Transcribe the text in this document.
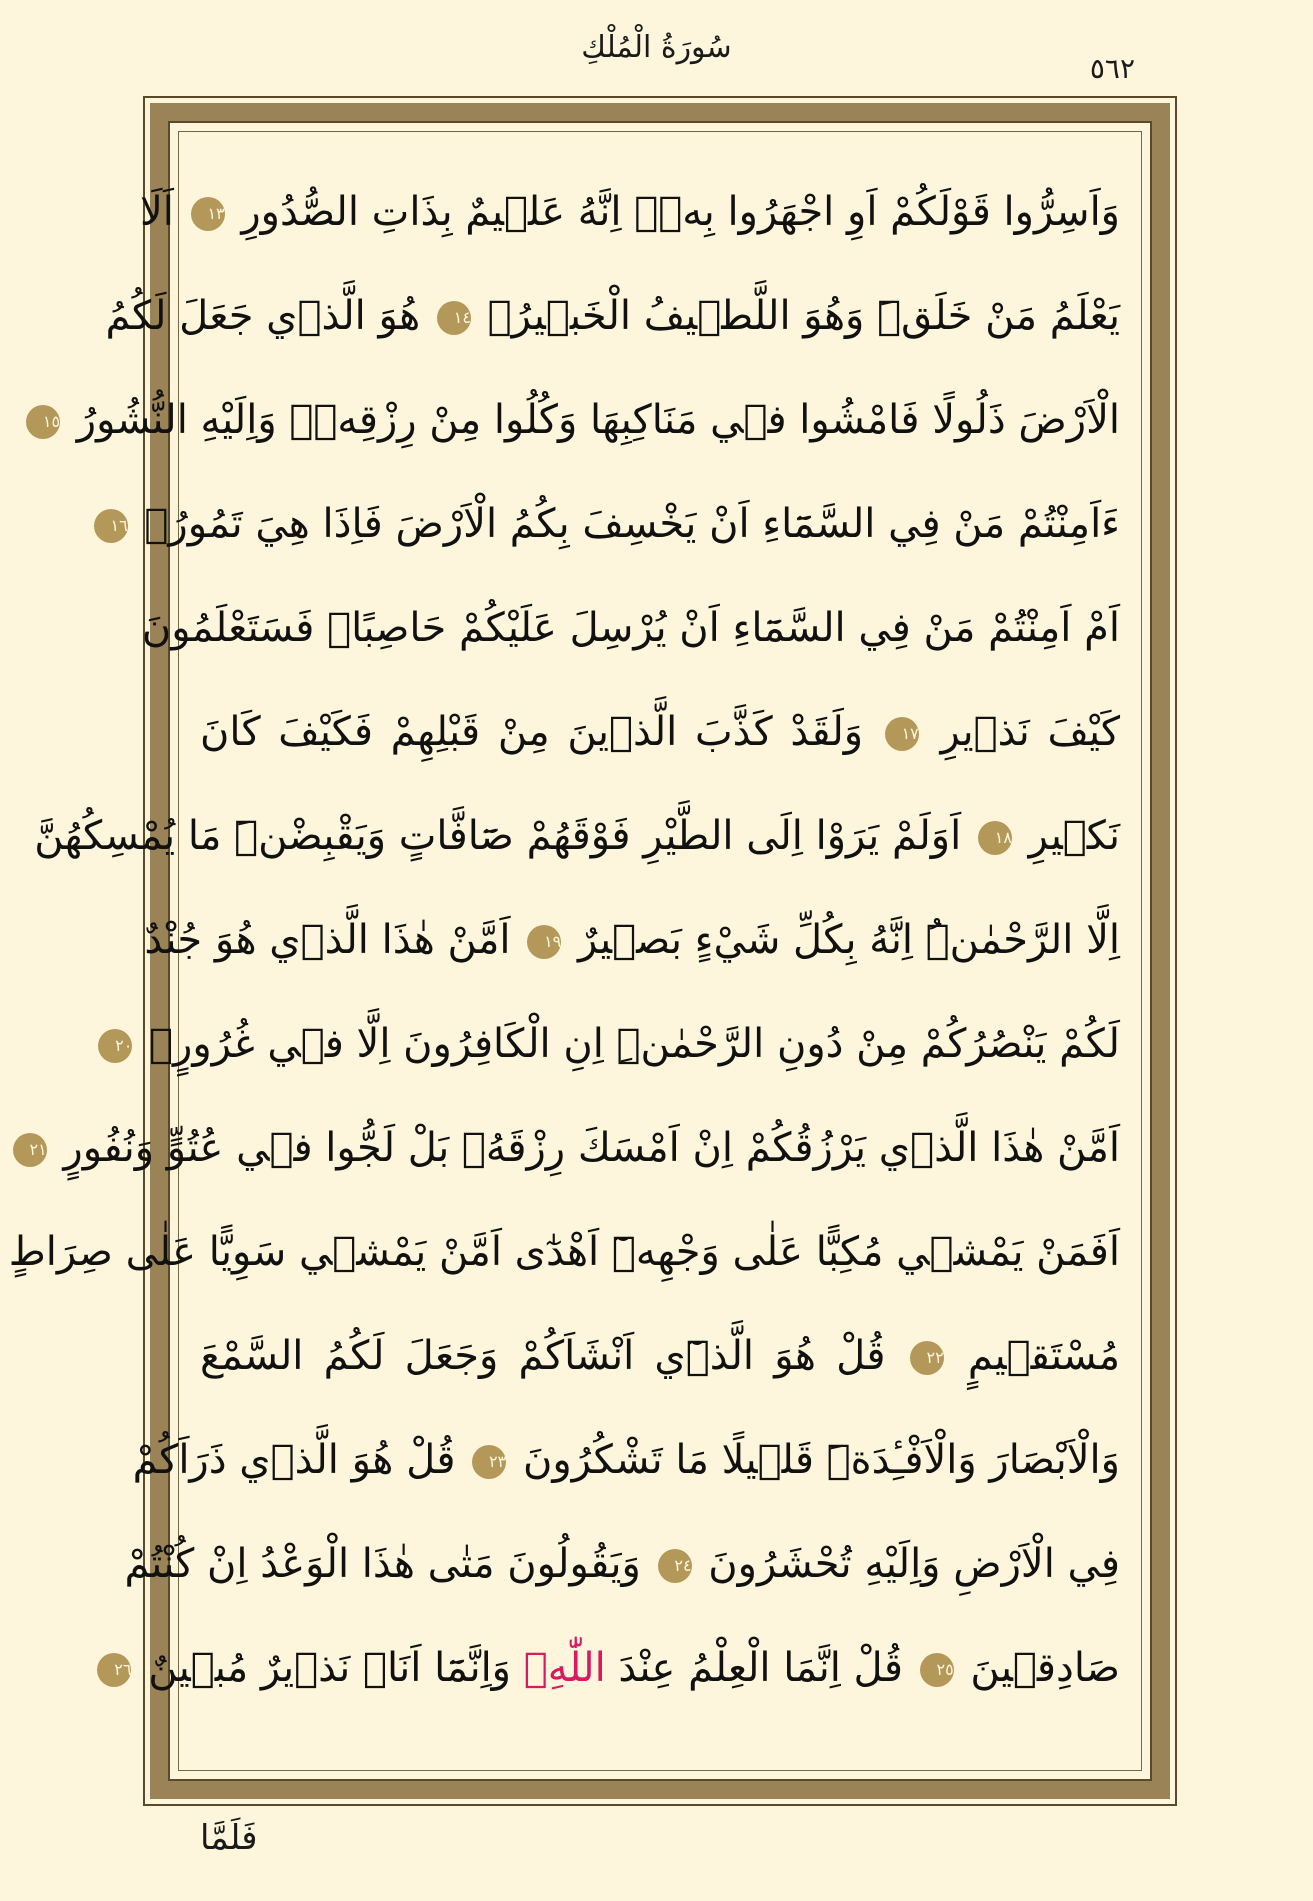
سُورَةُ الْمُلْكِ
٥٦٢
وَاَسِرُّوا قَوْلَكُمْ اَوِ اجْهَرُوا بِه۪ۜ اِنَّهُ عَل۪يمٌ بِذَاتِ الصُّدُورِ ١٣ اَلَا
يَعْلَمُ مَنْ خَلَقَۜ وَهُوَ اللَّط۪يفُ الْخَب۪يرُ۟ ١٤ هُوَ الَّذ۪ي جَعَلَ لَكُمُ
الْاَرْضَ ذَلُولًا فَامْشُوا ف۪ي مَنَاكِبِهَا وَكُلُوا مِنْ رِزْقِه۪ۜ وَاِلَيْهِ النُّشُورُ ١٥
ءَاَمِنْتُمْ مَنْ فِي السَّمَٓاءِ اَنْ يَخْسِفَ بِكُمُ الْاَرْضَ فَاِذَا هِيَ تَمُورُۙ ١٦
اَمْ اَمِنْتُمْ مَنْ فِي السَّمَٓاءِ اَنْ يُرْسِلَ عَلَيْكُمْ حَاصِبًاۜ فَسَتَعْلَمُونَ
كَيْفَ نَذ۪يرِ ١٧ وَلَقَدْ كَذَّبَ الَّذ۪ينَ مِنْ قَبْلِهِمْ فَكَيْفَ كَانَ
نَك۪يرِ ١٨ اَوَلَمْ يَرَوْا اِلَى الطَّيْرِ فَوْقَهُمْ صَٓافَّاتٍ وَيَقْبِضْنَۜ مَا يُمْسِكُهُنَّ
اِلَّا الرَّحْمٰنُۜ اِنَّهُ بِكُلِّ شَيْءٍ بَص۪يرٌ ١٩ اَمَّنْ هٰذَا الَّذ۪ي هُوَ جُنْدٌ
لَكُمْ يَنْصُرُكُمْ مِنْ دُونِ الرَّحْمٰنِۜ اِنِ الْكَافِرُونَ اِلَّا ف۪ي غُرُورٍۚ ٢٠
اَمَّنْ هٰذَا الَّذ۪ي يَرْزُقُكُمْ اِنْ اَمْسَكَ رِزْقَهُۚ بَلْ لَجُّوا ف۪ي عُتُوٍّ وَنُفُورٍ ٢١
اَفَمَنْ يَمْش۪ي مُكِبًّا عَلٰى وَجْهِه۪ٓ اَهْدٰٓى اَمَّنْ يَمْش۪ي سَوِيًّا عَلٰى صِرَاطٍ
مُسْتَق۪يمٍ ٢٢ قُلْ هُوَ الَّذ۪ٓي اَنْشَاَكُمْ وَجَعَلَ لَكُمُ السَّمْعَ
وَالْاَبْصَارَ وَالْاَفْـِٔدَةَۜ قَل۪يلًا مَا تَشْكُرُونَ ٢٣ قُلْ هُوَ الَّذ۪ي ذَرَاَكُمْ
فِي الْاَرْضِ وَاِلَيْهِ تُحْشَرُونَ ٢٤ وَيَقُولُونَ مَتٰى هٰذَا الْوَعْدُ اِنْ كُنْتُمْ
صَادِق۪ينَ ٢٥ قُلْ اِنَّمَا الْعِلْمُ عِنْدَ اللّٰهِۖ وَاِنَّمَٓا اَنَا۬ نَذ۪يرٌ مُب۪ينٌ ٢٦
فَلَمَّا
